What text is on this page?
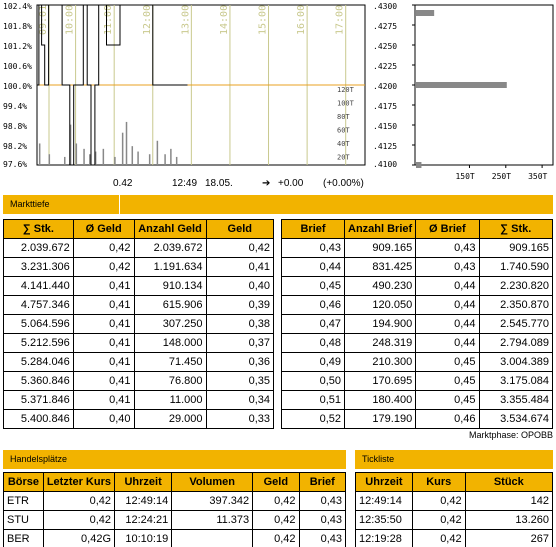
09:01 10:00	11:00	12:00	13:00	14:00	15:00	16:00	17:00
102.4%
101.8%
101.2%
100.6%
100.0%
99.4%
98.8%
98.2%
97.6%
120T
100T
80T
60T
40T
20T
.4300
.4275
.4250
.4225
.4200
.4175
.4150
.4125
.4100
150T 250T 350T
0.42	12:49 18.05.	➔ +0.00 (+0.00%)
Markttiefe
∑ Stk.	Ø Geld	Anzahl Geld	Geld
2.039.672	0,42	2.039.672	0,42
3.231.306	0,42	1.191.634	0,41
4.141.440	0,41	910.134	0,40
4.757.346	0,41	615.906	0,39
5.064.596	0,41	307.250	0,38
5.212.596	0,41	148.000	0,37
5.284.046	0,41	71.450	0,36
5.360.846	0,41	76.800	0,35
5.371.846	0,41	11.000	0,34
5.400.846	0,40	29.000	0,33
Brief	Anzahl Brief	Ø Brief	∑ Stk.
0,43	909.165	0,43	909.165
0,44	831.425	0,43	1.740.590
0,45	490.230	0,44	2.230.820
0,46	120.050	0,44	2.350.870
0,47	194.900	0,44	2.545.770
0,48	248.319	0,44	2.794.089
0,49	210.300	0,45	3.004.389
0,50	170.695	0,45	3.175.084
0,51	180.400	0,45	3.355.484
0,52	179.190	0,46	3.534.674
Marktphase: OPOBB
Handelsplätze
Börse	Letzter Kurs	Uhrzeit	Volumen	Geld	Brief
ETR	0,42	12:49:14	397.342	0,42	0,43
STU	0,42	12:24:21	11.373	0,42	0,43
BER	0,42G	10:10:19		0,42	0,43
Tickliste
Uhrzeit	Kurs	Stück
12:49:14	0,42	142
12:35:50	0,42	13.260
12:19:28	0,42	267
